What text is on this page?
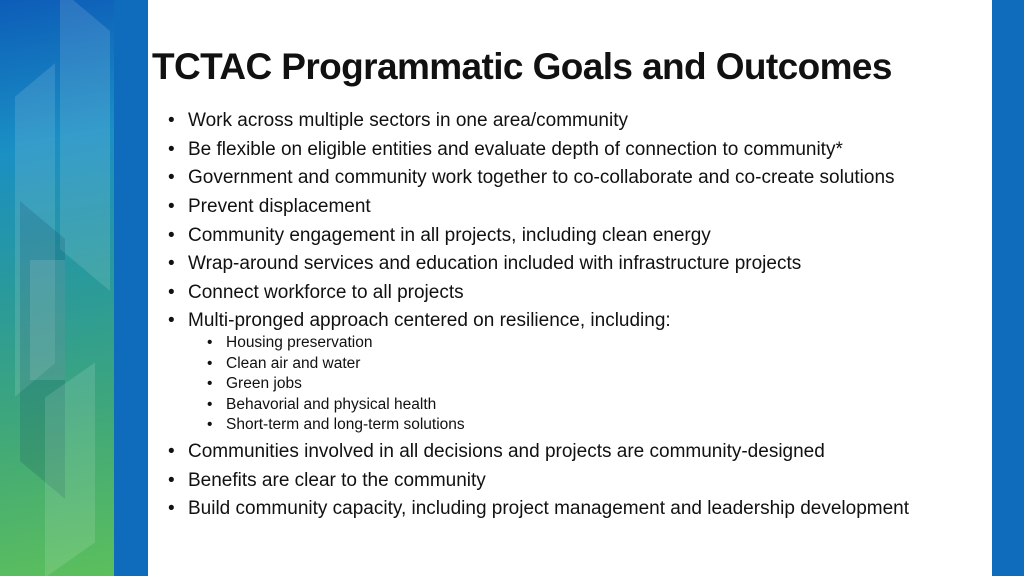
TCTAC Programmatic Goals and Outcomes
• Work across multiple sectors in one area/community
• Be flexible on eligible entities and evaluate depth of connection to community*
• Government and community work together to co-collaborate and co-create solutions
• Prevent displacement
• Community engagement in all projects, including clean energy
• Wrap-around services and education included with infrastructure projects
• Connect workforce to all projects
• Multi-pronged approach centered on resilience, including:
• Housing preservation
• Clean air and water
• Green jobs
• Behavorial and physical health
• Short-term and long-term solutions
• Communities involved in all decisions and projects are community-designed
• Benefits are clear to the community
• Build community capacity, including project management and leadership development
